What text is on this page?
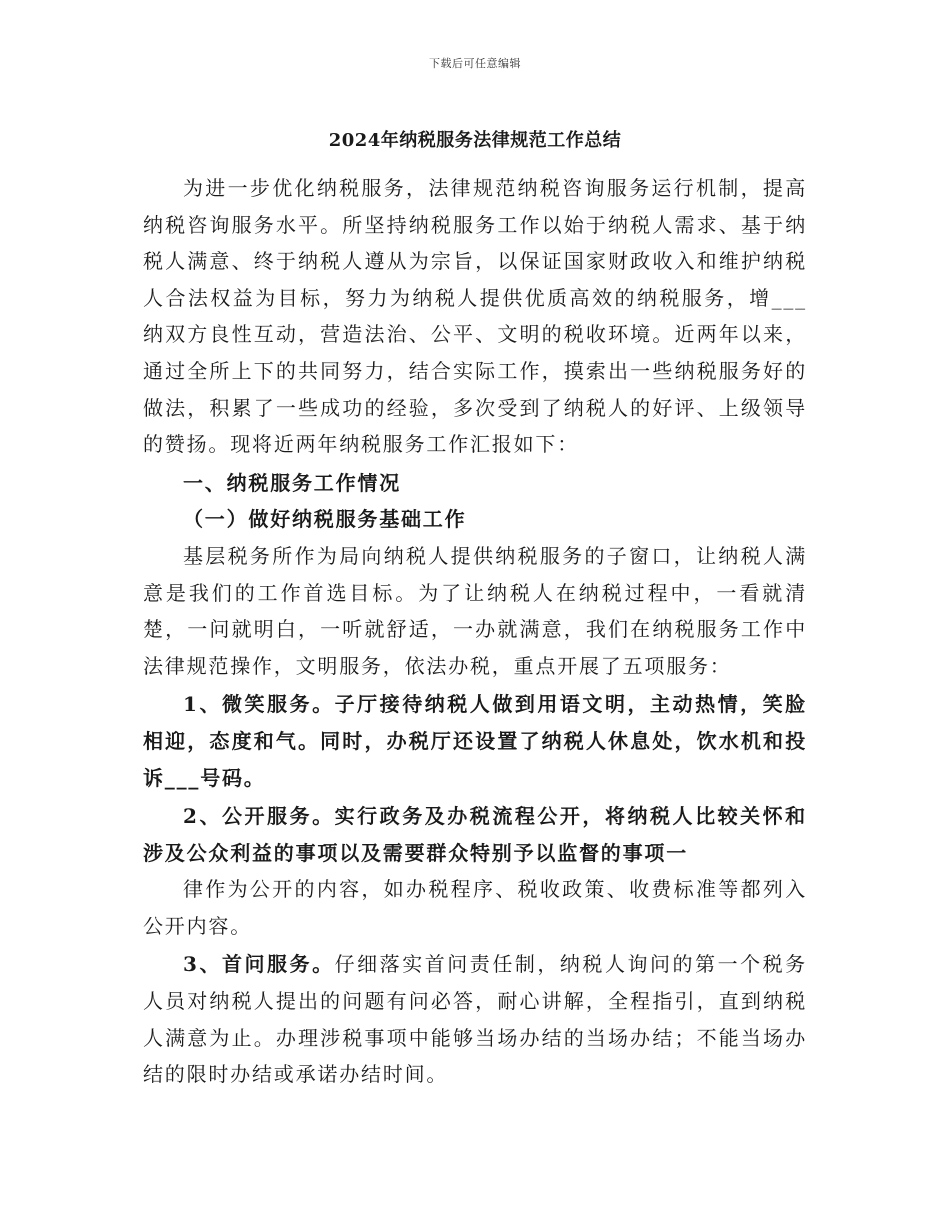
下载后可任意编辑
2024年纳税服务法律规范工作总结

为进一步优化纳税服务，法律规范纳税咨询服务运行机制，提高纳税咨询服务水平。所坚持纳税服务工作以始于纳税人需求、基于纳税人满意、终于纳税人遵从为宗旨，以保证国家财政收入和维护纳税人合法权益为目标，努力为纳税人提供优质高效的纳税服务，增___纳双方良性互动，营造法治、公平、文明的税收环境。近两年以来，通过全所上下的共同努力，结合实际工作，摸索出一些纳税服务好的做法，积累了一些成功的经验，多次受到了纳税人的好评、上级领导的赞扬。现将近两年纳税服务工作汇报如下：

一、纳税服务工作情况

（一）做好纳税服务基础工作

基层税务所作为局向纳税人提供纳税服务的子窗口，让纳税人满意是我们的工作首选目标。为了让纳税人在纳税过程中，一看就清楚，一问就明白，一听就舒适，一办就满意，我们在纳税服务工作中法律规范操作，文明服务，依法办税，重点开展了五项服务：

1、微笑服务。子厅接待纳税人做到用语文明，主动热情，笑脸相迎，态度和气。同时，办税厅还设置了纳税人休息处，饮水机和投诉___号码。

2、公开服务。实行政务及办税流程公开，将纳税人比较关怀和涉及公众利益的事项以及需要群众特别予以监督的事项一

律作为公开的内容，如办税程序、税收政策、收费标准等都列入公开内容。

3、首问服务。仔细落实首问责任制，纳税人询问的第一个税务人员对纳税人提出的问题有问必答，耐心讲解，全程指引，直到纳税人满意为止。办理涉税事项中能够当场办结的当场办结；不能当场办结的限时办结或承诺办结时间。
